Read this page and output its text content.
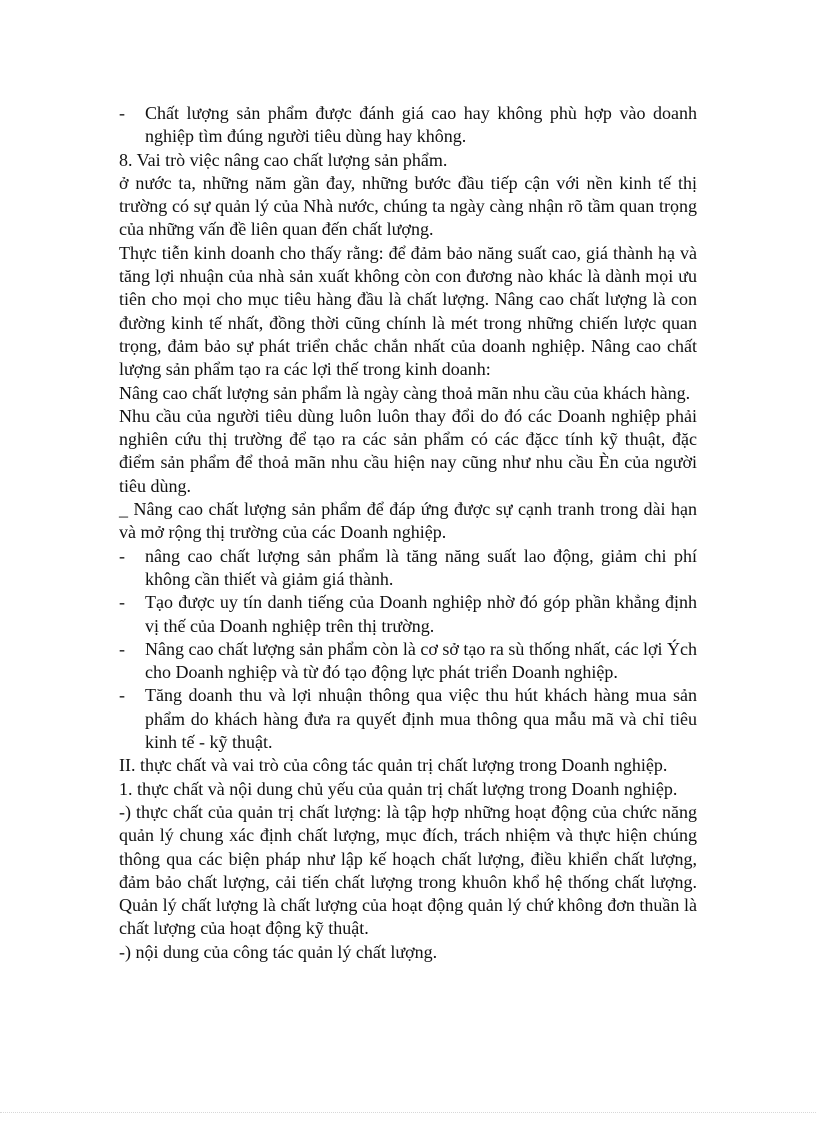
- Chất lượng sản phẩm được đánh giá cao hay không phù hợp vào doanh nghiệp tìm đúng người tiêu dùng hay không.

8. Vai trò việc nâng cao chất lượng sản phẩm.

ở nước ta, những năm gần đay, những bước đầu tiếp cận với nền kinh tế thị trường có sự quản lý của Nhà nước, chúng ta ngày càng nhận rõ tầm quan trọng của những vấn đề liên quan đến chất lượng.

Thực tiễn kinh doanh cho thấy rằng: để đảm bảo năng suất cao, giá thành hạ và tăng lợi nhuận của nhà sản xuất không còn con đương nào khác là dành mọi ưu tiên cho mọi cho mục tiêu hàng đầu là chất lượng. Nâng cao chất lượng là con đường kinh tế nhất, đồng thời cũng chính là mét trong những chiến lược quan trọng, đảm bảo sự phát triển chắc chắn nhất của doanh nghiệp. Nâng cao chất lượng sản phẩm tạo ra các lợi thế trong kinh doanh:

Nâng cao chất lượng sản phẩm là ngày càng thoả mãn nhu cầu của khách hàng.

Nhu cầu của người tiêu dùng luôn luôn thay đổi do đó các Doanh nghiệp phải nghiên cứu thị trường để tạo ra các sản phẩm có các đặcc tính kỹ thuật, đặc điểm sản phẩm để thoả mãn nhu cầu hiện nay cũng như nhu cầu Èn của người tiêu dùng.

_ Nâng cao chất lượng sản phẩm để đáp ứng được sự cạnh tranh trong dài hạn và mở rộng thị trường của các Doanh nghiệp.

- nâng cao chất lượng sản phẩm là tăng năng suất lao động, giảm chi phí không cần thiết và giảm giá thành.
- Tạo được uy tín danh tiếng của Doanh nghiệp nhờ đó góp phần khẳng định vị thế của Doanh nghiệp trên thị trường.
- Nâng cao chất lượng sản phẩm còn là cơ sở tạo ra sù thống nhất, các lợi Ých cho Doanh nghiệp và từ đó tạo động lực phát triển Doanh nghiệp.
- Tăng doanh thu và lợi nhuận thông qua việc thu hút khách hàng mua sản phẩm do khách hàng đưa ra quyết định mua thông qua mẫu mã và chỉ tiêu kinh tế - kỹ thuật.

II. thực chất và vai trò của công tác quản trị chất lượng trong Doanh nghiệp.

1. thực chất và nội dung chủ yếu của quản trị chất lượng trong Doanh nghiệp.

-) thực chất của quản trị chất lượng: là tập hợp những hoạt động của chức năng quản lý chung xác định chất lượng, mục đích, trách nhiệm và thực hiện chúng thông qua các biện pháp như lập kế hoạch chất lượng, điều khiển chất lượng, đảm bảo chất lượng, cải tiến chất lượng trong khuôn khổ hệ thống chất lượng. Quản lý chất lượng là chất lượng của hoạt động quản lý chứ không đơn thuần là chất lượng của hoạt động kỹ thuật.

-) nội dung của công tác quản lý chất lượng.
